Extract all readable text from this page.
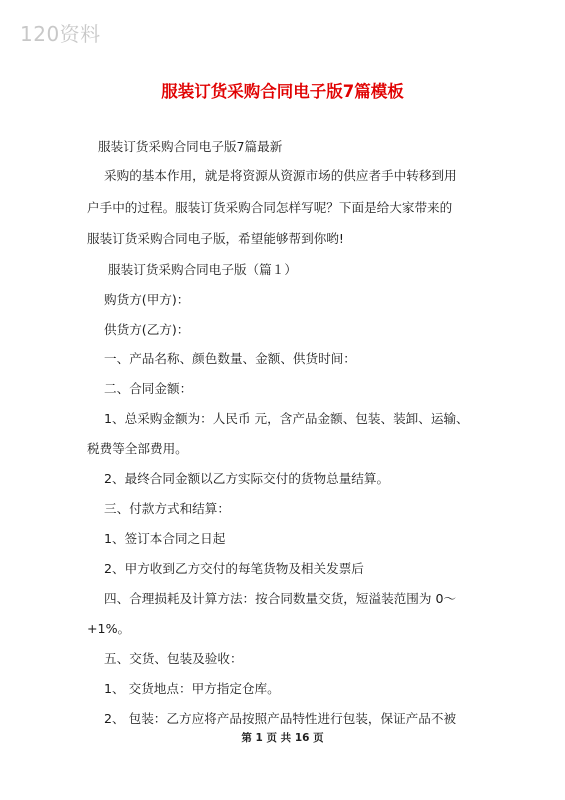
120资料
服装订货采购合同电子版7篇模板
服装订货采购合同电子版7篇最新
采购的基本作用，就是将资源从资源市场的供应者手中转移到用
户手中的过程。服装订货采购合同怎样写呢？下面是给大家带来的
服装订货采购合同电子版，希望能够帮到你哟!
服装订货采购合同电子版（篇１）
购货方(甲方)：
供货方(乙方)：
一、产品名称、颜色数量、金额、供货时间：
二、合同金额：
1、总采购金额为：人民币 元，含产品金额、包装、装卸、运输、
税费等全部费用。
2、最终合同金额以乙方实际交付的货物总量结算。
三、付款方式和结算：
1、签订本合同之日起
2、甲方收到乙方交付的每笔货物及相关发票后
四、合理损耗及计算方法：按合同数量交货，短溢装范围为 0～
+1%。
五、交货、包装及验收：
1、 交货地点：甲方指定仓库。
2、 包装：乙方应将产品按照产品特性进行包装，保证产品不被
第 1 页 共 16 页
